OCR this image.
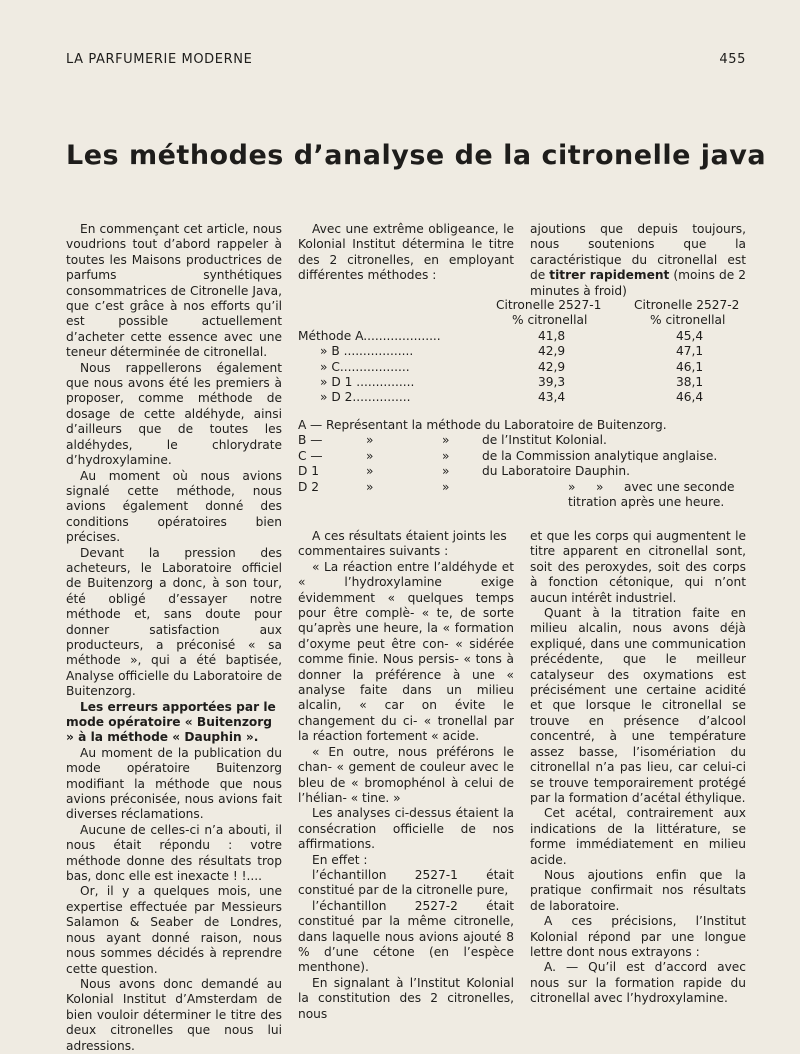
LA PARFUMERIE MODERNE	455
Les méthodes d’analyse de la citronelle java

En commençant cet article, nous voudrions tout d’abord rappeler à toutes les Maisons productrices de parfums synthétiques consommatrices de Citronelle Java, que c’est grâce à nos efforts qu’il est possible actuellement d’acheter cette essence avec une teneur déterminée de citronellal.

Nous rappellerons également que nous avons été les premiers à proposer, comme méthode de dosage de cette aldéhyde, ainsi d’ailleurs que de toutes les aldéhydes, le chlorydrate d’hydroxylamine.

Au moment où nous avions signalé cette méthode, nous avions également donné des conditions opératoires bien précises.

Devant la pression des acheteurs, le Laboratoire officiel de Buitenzorg a donc, à son tour, été obligé d’essayer notre méthode et, sans doute pour donner satisfaction aux producteurs, a préconisé « sa méthode », qui a été baptisée, Analyse officielle du Laboratoire de Buitenzorg.

Les erreurs apportées par le mode opératoire « Buitenzorg » à la méthode « Dauphin ».

Au moment de la publication du mode opératoire Buitenzorg modifiant la méthode que nous avions préconisée, nous avions fait diverses réclamations.

Aucune de celles-ci n’a abouti, il nous était répondu : votre méthode donne des résultats trop bas, donc elle est inexacte ! !....

Or, il y a quelques mois, une expertise effectuée par Messieurs Salamon & Seaber de Londres, nous ayant donné raison, nous nous sommes décidés à reprendre cette question.

Nous avons donc demandé au Kolonial Institut d’Amsterdam de bien vouloir déterminer le titre des deux citronelles que nous lui adressions.

Avec une extrême obligeance, le Kolonial Institut détermina le titre des 2 citronelles, en employant différentes méthodes :

ajoutions que depuis toujours, nous soutenions que la caractéristique du citronellal est de titrer rapidement (moins de 2 minutes à froid)

Citronelle 2527-1	Citronelle 2527-2
% citronellal	% citronellal
Méthode A....................	41,8	45,4
» B ..................	42,9	47,1
» C..................	42,9	46,1
» D 1 ...............	39,3	38,1
» D 2...............	43,4	46,4
A — Représentant la méthode du Laboratoire de Buitenzorg.
B —	»	»	de l’Institut Kolonial.
C —	»	»	de la Commission analytique anglaise.
D 1	»	»	du Laboratoire Dauphin.
D 2	»	»	» » avec une seconde
titration après une heure.

A ces résultats étaient joints les commentaires suivants :

« La réaction entre l’aldéhyde et « l’hydroxylamine exige évidemment « quelques temps pour être complè- « te, de sorte qu’après une heure, la « formation d’oxyme peut être con- « sidérée comme finie. Nous persis- « tons à donner la préférence à une « analyse faite dans un milieu alcalin, « car on évite le changement du ci- « tronellal par la réaction fortement « acide.

« En outre, nous préférons le chan- « gement de couleur avec le bleu de « bromophénol à celui de l’hélian- « tine. »

Les analyses ci-dessus étaient la consécration officielle de nos affirmations.

En effet :

l’échantillon 2527-1 était constitué par de la citronelle pure,

l’échantillon 2527-2 était constitué par la même citronelle, dans laquelle nous avions ajouté 8 % d’une cétone (en l’espèce menthone).

En signalant à l’Institut Kolonial la constitution des 2 citronelles, nous

et que les corps qui augmentent le titre apparent en citronellal sont, soit des peroxydes, soit des corps à fonction cétonique, qui n’ont aucun intérêt industriel.

Quant à la titration faite en milieu alcalin, nous avons déjà expliqué, dans une communication précédente, que le meilleur catalyseur des oxymations est précisément une certaine acidité et que lorsque le citronellal se trouve en présence d’alcool concentré, à une température assez basse, l’isomériation du citronellal n’a pas lieu, car celui-ci se trouve temporairement protégé par la formation d’acétal éthylique.

Cet acétal, contrairement aux indications de la littérature, se forme immédiatement en milieu acide.

Nous ajoutions enfin que la pratique confirmait nos résultats de laboratoire.

A ces précisions, l’Institut Kolonial répond par une longue lettre dont nous extrayons :

A. — Qu’il est d’accord avec nous sur la formation rapide du citronellal avec l’hydroxylamine.
